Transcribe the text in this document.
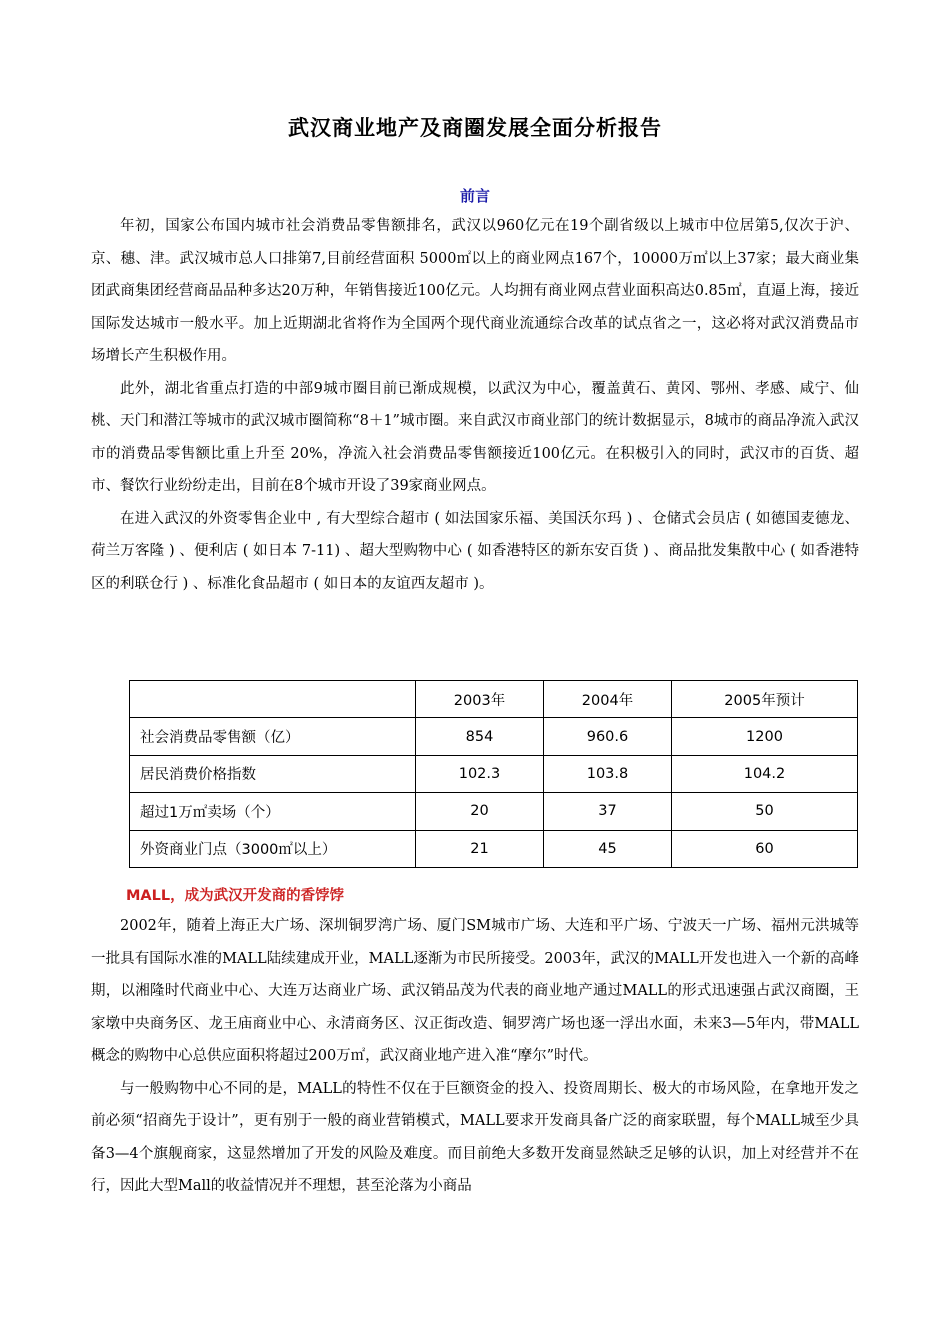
武汉商业地产及商圈发展全面分析报告
前言

年初，国家公布国内城市社会消费品零售额排名，武汉以960亿元在19个副省级以上城市中位居第5,仅次于沪、京、穗、津。武汉城市总人口排第7,目前经营面积 5000㎡以上的商业网点167个，10000万㎡以上37家；最大商业集团武商集团经营商品品种多达20万种，年销售接近100亿元。人均拥有商业网点营业面积高达0.85㎡，直逼上海，接近国际发达城市一般水平。加上近期湖北省将作为全国两个现代商业流通综合改革的试点省之一，这必将对武汉消费品市场增长产生积极作用。

此外，湖北省重点打造的中部9城市圈目前已渐成规模，以武汉为中心，覆盖黄石、黄冈、鄂州、孝感、咸宁、仙桃、天门和潜江等城市的武汉城市圈简称“8＋1”城市圈。来自武汉市商业部门的统计数据显示，8城市的商品净流入武汉市的消费品零售额比重上升至 20%，净流入社会消费品零售额接近100亿元。在积极引入的同时，武汉市的百货、超市、餐饮行业纷纷走出，目前在8个城市开设了39家商业网点。

在进入武汉的外资零售企业中 , 有大型综合超市 ( 如法国家乐福、美国沃尔玛 ) 、仓储式会员店 ( 如德国麦德龙、荷兰万客隆 ) 、便利店 ( 如日本 7-11) 、超大型购物中心 ( 如香港特区的新东安百货 ) 、商品批发集散中心 ( 如香港特区的利联仓行 ) 、标准化食品超市 ( 如日本的友谊西友超市 )。

	2003年	2004年	2005年预计
社会消费品零售额（亿）	854	960.6	1200
居民消费价格指数	102.3	103.8	104.2
超过1万㎡卖场（个）	20	37	50
外资商业门点（3000㎡以上）	21	45	60
MALL，成为武汉开发商的香饽饽

2002年，随着上海正大广场、深圳铜罗湾广场、厦门SM城市广场、大连和平广场、宁波天一广场、福州元洪城等一批具有国际水准的MALL陆续建成开业，MALL逐渐为市民所接受。2003年，武汉的MALL开发也进入一个新的高峰期，以湘隆时代商业中心、大连万达商业广场、武汉销品茂为代表的商业地产通过MALL的形式迅速强占武汉商圈，王家墩中央商务区、龙王庙商业中心、永清商务区、汉正街改造、铜罗湾广场也逐一浮出水面，未来3—5年内，带MALL概念的购物中心总供应面积将超过200万㎡，武汉商业地产进入准“摩尔”时代。

与一般购物中心不同的是，MALL的特性不仅在于巨额资金的投入、投资周期长、极大的市场风险，在拿地开发之前必须“招商先于设计”，更有别于一般的商业营销模式，MALL要求开发商具备广泛的商家联盟，每个MALL城至少具备3—4个旗舰商家，这显然增加了开发的风险及难度。而目前绝大多数开发商显然缺乏足够的认识，加上对经营并不在行，因此大型Mall的收益情况并不理想，甚至沦落为小商品
